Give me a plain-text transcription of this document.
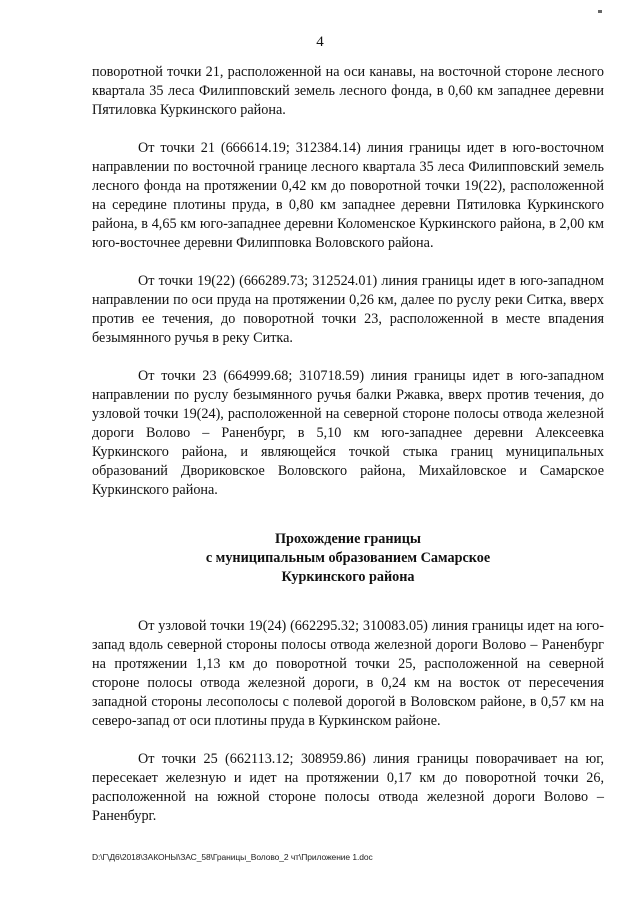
4

поворотной точки 21, расположенной на оси канавы, на восточной стороне лесного квартала 35 леса Филипповский земель лесного фонда, в 0,60 км западнее деревни Пятиловка Куркинского района.

От точки 21 (666614.19; 312384.14) линия границы идет в юго-восточном направлении по восточной границе лесного квартала 35 леса Филипповский земель лесного фонда на протяжении 0,42 км до поворотной точки 19(22), расположенной на середине плотины пруда, в 0,80 км западнее деревни Пятиловка Куркинского района, в 4,65 км юго-западнее деревни Коломенское Куркинского района, в 2,00 км юго-восточнее деревни Филипповка Воловского района.

От точки 19(22) (666289.73; 312524.01) линия границы идет в юго-западном направлении по оси пруда на протяжении 0,26 км, далее по руслу реки Ситка, вверх против ее течения, до поворотной точки 23, расположенной в месте впадения безымянного ручья в реку Ситка.

От точки 23 (664999.68; 310718.59) линия границы идет в юго-западном направлении по руслу безымянного ручья балки Ржавка, вверх против течения, до узловой точки 19(24), расположенной на северной стороне полосы отвода железной дороги Волово – Раненбург, в 5,10 км юго-западнее деревни Алексеевка Куркинского района, и являющейся точкой стыка границ муниципальных образований Двориковское Воловского района, Михайловское и Самарское Куркинского района.

Прохождение границы
с муниципальным образованием Самарское
Куркинского района

От узловой точки 19(24) (662295.32; 310083.05) линия границы идет на юго-запад вдоль северной стороны полосы отвода железной дороги Волово – Раненбург на протяжении 1,13 км до поворотной точки 25, расположенной на северной стороне полосы отвода железной дороги, в 0,24 км на восток от пересечения западной стороны лесополосы с полевой дорогой в Воловском районе, в 0,57 км на северо-запад от оси плотины пруда в Куркинском районе.

От точки 25 (662113.12; 308959.86) линия границы поворачивает на юг, пересекает железную и идет на протяжении 0,17 км до поворотной точки 26, расположенной на южной стороне полосы отвода железной дороги Волово – Раненбург.

D:\Г\Д6\2018\ЗАКОНЫ\ЗАС_58\Границы_Волово_2 чт\Приложение 1.doc
